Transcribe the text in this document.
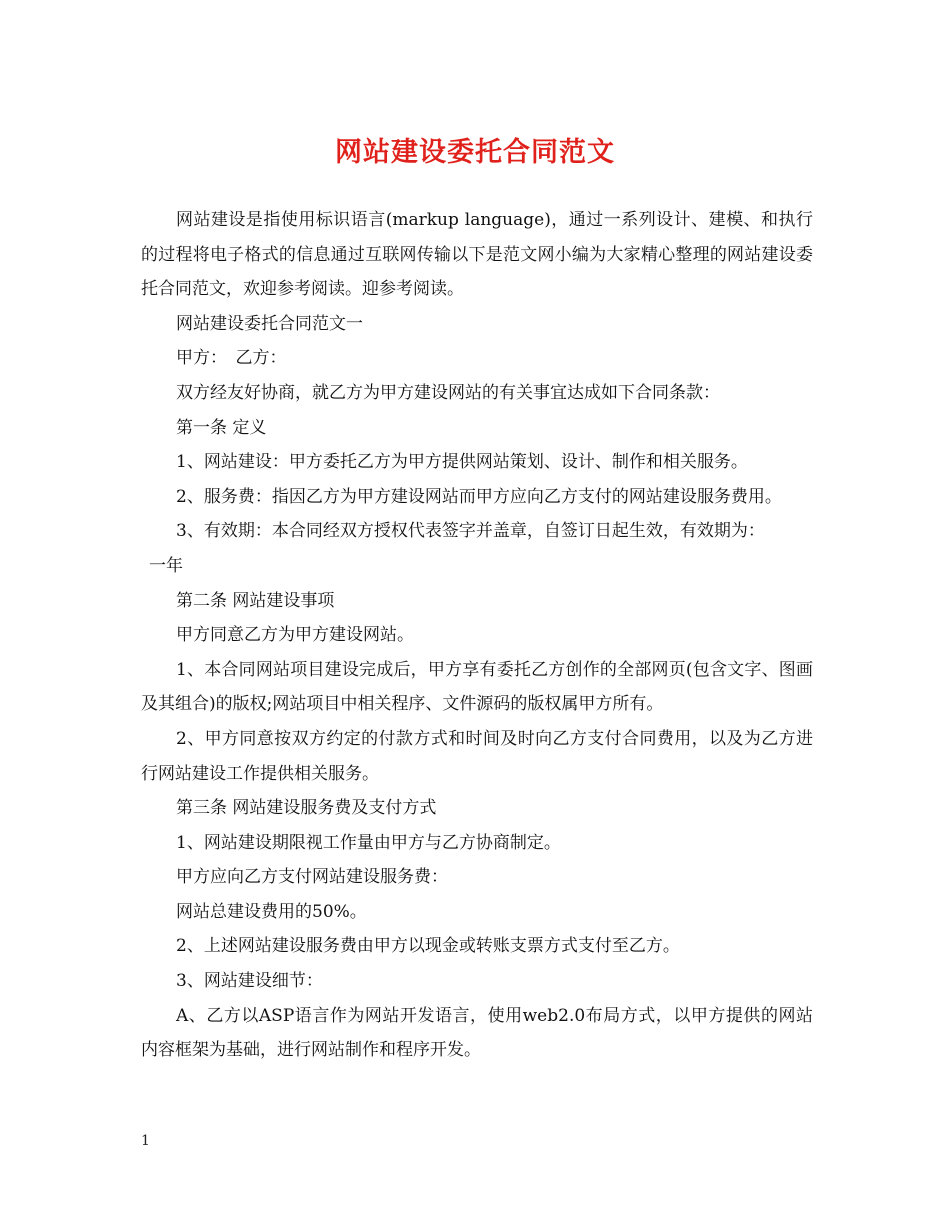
网站建设委托合同范文

网站建设是指使用标识语言(markup language)，通过一系列设计、建模、和执行的过程将电子格式的信息通过互联网传输以下是范文网小编为大家精心整理的网站建设委托合同范文，欢迎参考阅读。迎参考阅读。

网站建设委托合同范文一

甲方：　乙方：

双方经友好协商，就乙方为甲方建设网站的有关事宜达成如下合同条款：

第一条 定义

1、网站建设：甲方委托乙方为甲方提供网站策划、设计、制作和相关服务。

2、服务费：指因乙方为甲方建设网站而甲方应向乙方支付的网站建设服务费用。

3、有效期：本合同经双方授权代表签字并盖章，自签订日起生效，有效期为：

一年

第二条 网站建设事项

甲方同意乙方为甲方建设网站。

1、本合同网站项目建设完成后，甲方享有委托乙方创作的全部网页(包含文字、图画及其组合)的版权;网站项目中相关程序、文件源码的版权属甲方所有。

2、甲方同意按双方约定的付款方式和时间及时向乙方支付合同费用，以及为乙方进行网站建设工作提供相关服务。

第三条 网站建设服务费及支付方式

1、网站建设期限视工作量由甲方与乙方协商制定。

甲方应向乙方支付网站建设服务费：

网站总建设费用的50%。

2、上述网站建设服务费由甲方以现金或转账支票方式支付至乙方。

3、网站建设细节：

A、乙方以ASP语言作为网站开发语言，使用web2.0布局方式，以甲方提供的网站内容框架为基础，进行网站制作和程序开发。

1
